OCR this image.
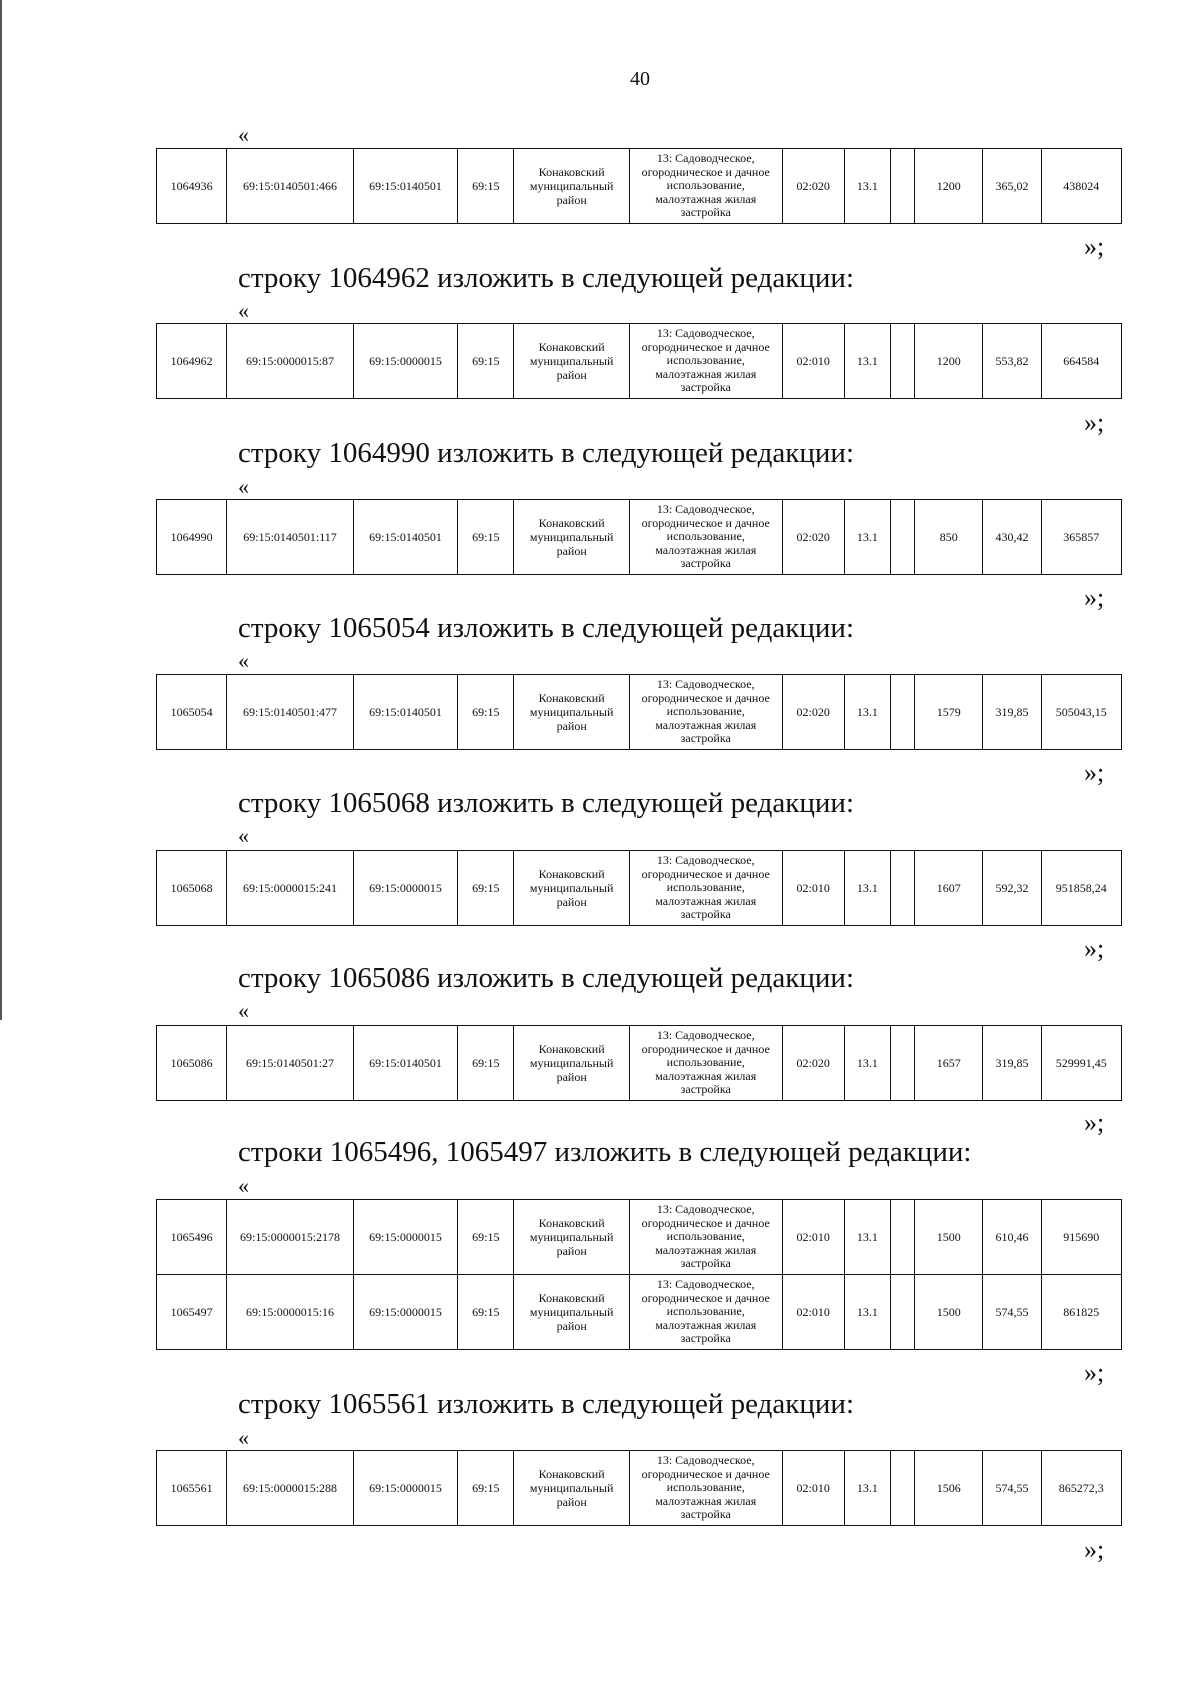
40
«
1064936	69:15:0140501:466	69:15:0140501	69:15	Конаковский муниципальный район	13: Садоводческое, огородническое и дачное использование, малоэтажная жилая застройка	02:020	13.1		1200	365,02	438024
»;
строку 1064962 изложить в следующей редакции:
«
1064962	69:15:0000015:87	69:15:0000015	69:15	Конаковский муниципальный район	13: Садоводческое, огородническое и дачное использование, малоэтажная жилая застройка	02:010	13.1		1200	553,82	664584
»;
строку 1064990 изложить в следующей редакции:
«
1064990	69:15:0140501:117	69:15:0140501	69:15	Конаковский муниципальный район	13: Садоводческое, огородническое и дачное использование, малоэтажная жилая застройка	02:020	13.1		850	430,42	365857
»;
строку 1065054 изложить в следующей редакции:
«
1065054	69:15:0140501:477	69:15:0140501	69:15	Конаковский муниципальный район	13: Садоводческое, огородническое и дачное использование, малоэтажная жилая застройка	02:020	13.1		1579	319,85	505043,15
»;
строку 1065068 изложить в следующей редакции:
«
1065068	69:15:0000015:241	69:15:0000015	69:15	Конаковский муниципальный район	13: Садоводческое, огородническое и дачное использование, малоэтажная жилая застройка	02:010	13.1		1607	592,32	951858,24
»;
строку 1065086 изложить в следующей редакции:
«
1065086	69:15:0140501:27	69:15:0140501	69:15	Конаковский муниципальный район	13: Садоводческое, огородническое и дачное использование, малоэтажная жилая застройка	02:020	13.1		1657	319,85	529991,45
»;
строки 1065496, 1065497 изложить в следующей редакции:
«
1065496	69:15:0000015:2178	69:15:0000015	69:15	Конаковский муниципальный район	13: Садоводческое, огородническое и дачное использование, малоэтажная жилая застройка	02:010	13.1		1500	610,46	915690
1065497	69:15:0000015:16	69:15:0000015	69:15	Конаковский муниципальный район	13: Садоводческое, огородническое и дачное использование, малоэтажная жилая застройка	02:010	13.1		1500	574,55	861825
»;
строку 1065561 изложить в следующей редакции:
«
1065561	69:15:0000015:288	69:15:0000015	69:15	Конаковский муниципальный район	13: Садоводческое, огородническое и дачное использование, малоэтажная жилая застройка	02:010	13.1		1506	574,55	865272,3
»;
